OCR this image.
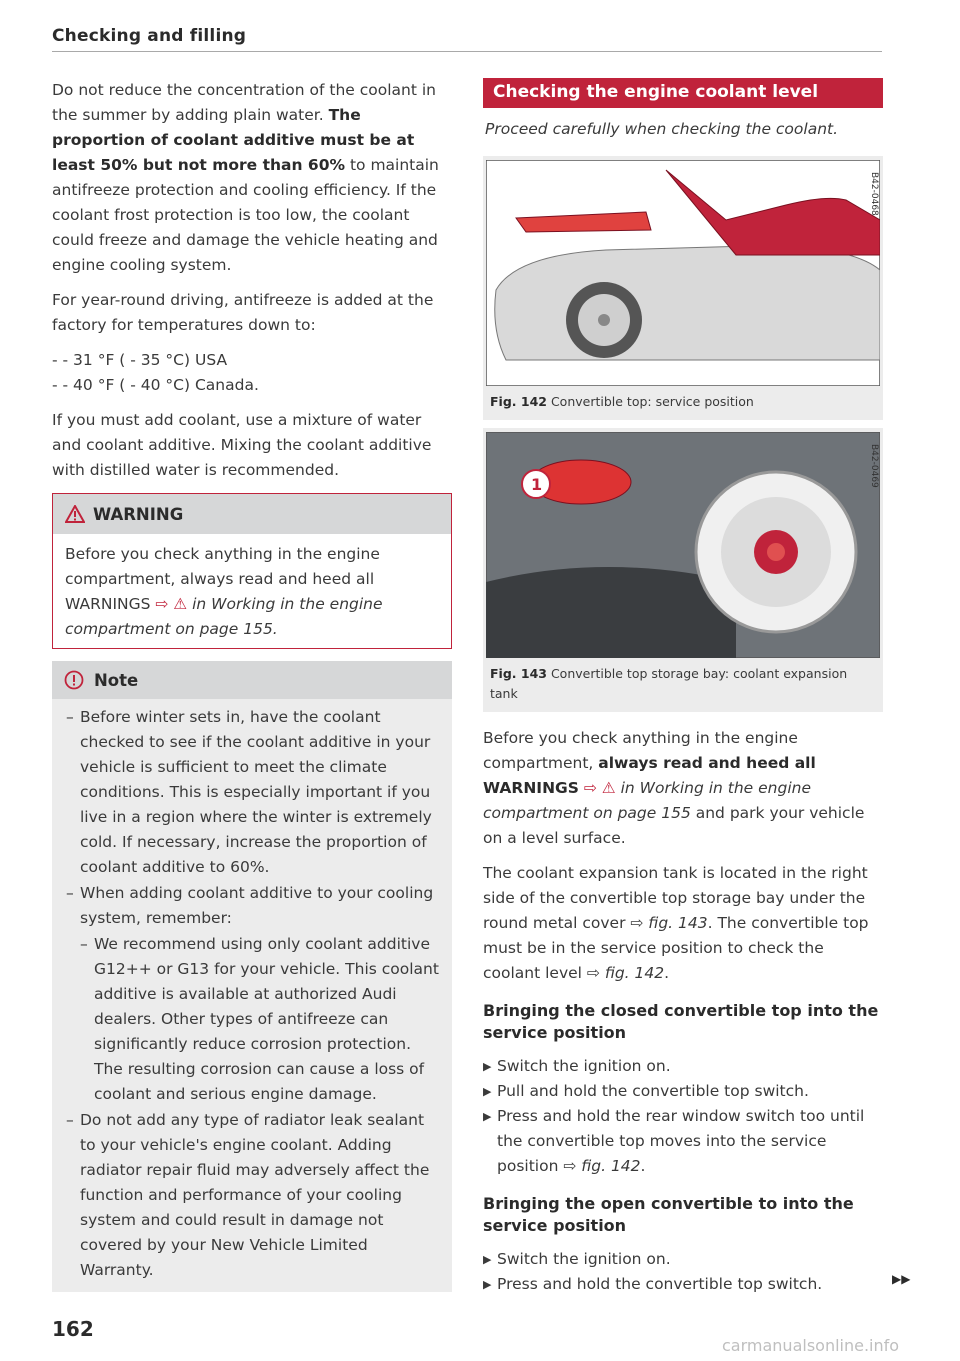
Checking and filling

Do not reduce the concentration of the coolant in the summer by adding plain water. The proportion of coolant additive must be at least 50% but not more than 60% to maintain antifreeze protection and cooling efficiency. If the coolant frost protection is too low, the coolant could freeze and damage the vehicle heating and engine cooling system.

For year-round driving, antifreeze is added at the factory for temperatures down to:

- - 31 °F ( - 35 °C) USA
- - 40 °F ( - 40 °C) Canada.

If you must add coolant, use a mixture of water and coolant additive. Mixing the coolant additive with distilled water is recommended.

WARNING

Before you check anything in the engine compartment, always read and heed all WARNINGS ⇨ ⚠ in Working in the engine compartment on page 155.

Note
– Before winter sets in, have the coolant checked to see if the coolant additive in your vehicle is sufficient to meet the climate conditions. This is especially important if you live in a region where the winter is extremely cold. If necessary, increase the proportion of coolant additive to 60%.
– When adding coolant additive to your cooling system, remember:
– We recommend using only coolant additive G12++ or G13 for your vehicle. This coolant additive is available at authorized Audi dealers. Other types of antifreeze can significantly reduce corrosion protection. The resulting corrosion can cause a loss of coolant and serious engine damage.
– Do not add any type of radiator leak sealant to your vehicle's engine coolant. Adding radiator repair fluid may adversely affect the function and performance of your cooling system and could result in damage not covered by your New Vehicle Limited Warranty.
162
Checking the engine coolant level
Proceed carefully when checking the coolant.
B42-0468
Fig. 142 Convertible top: service position
1	B42-0469
Fig. 143 Convertible top storage bay: coolant expansion tank

Before you check anything in the engine compartment, always read and heed all WARNINGS ⇨ ⚠ in Working in the engine compartment on page 155 and park your vehicle on a level surface.

The coolant expansion tank is located in the right side of the convertible top storage bay under the round metal cover ⇨ fig. 143. The convertible top must be in the service position to check the coolant level ⇨ fig. 142.

Bringing the closed convertible top into the service position
▶ Switch the ignition on.
▶ Pull and hold the convertible top switch.
▶ Press and hold the rear window switch too until the convertible top moves into the service position ⇨ fig. 142.
Bringing the open convertible to into the service position
▶ Switch the ignition on.
▶ Press and hold the convertible top switch.	▶▶
carmanualsonline.info
